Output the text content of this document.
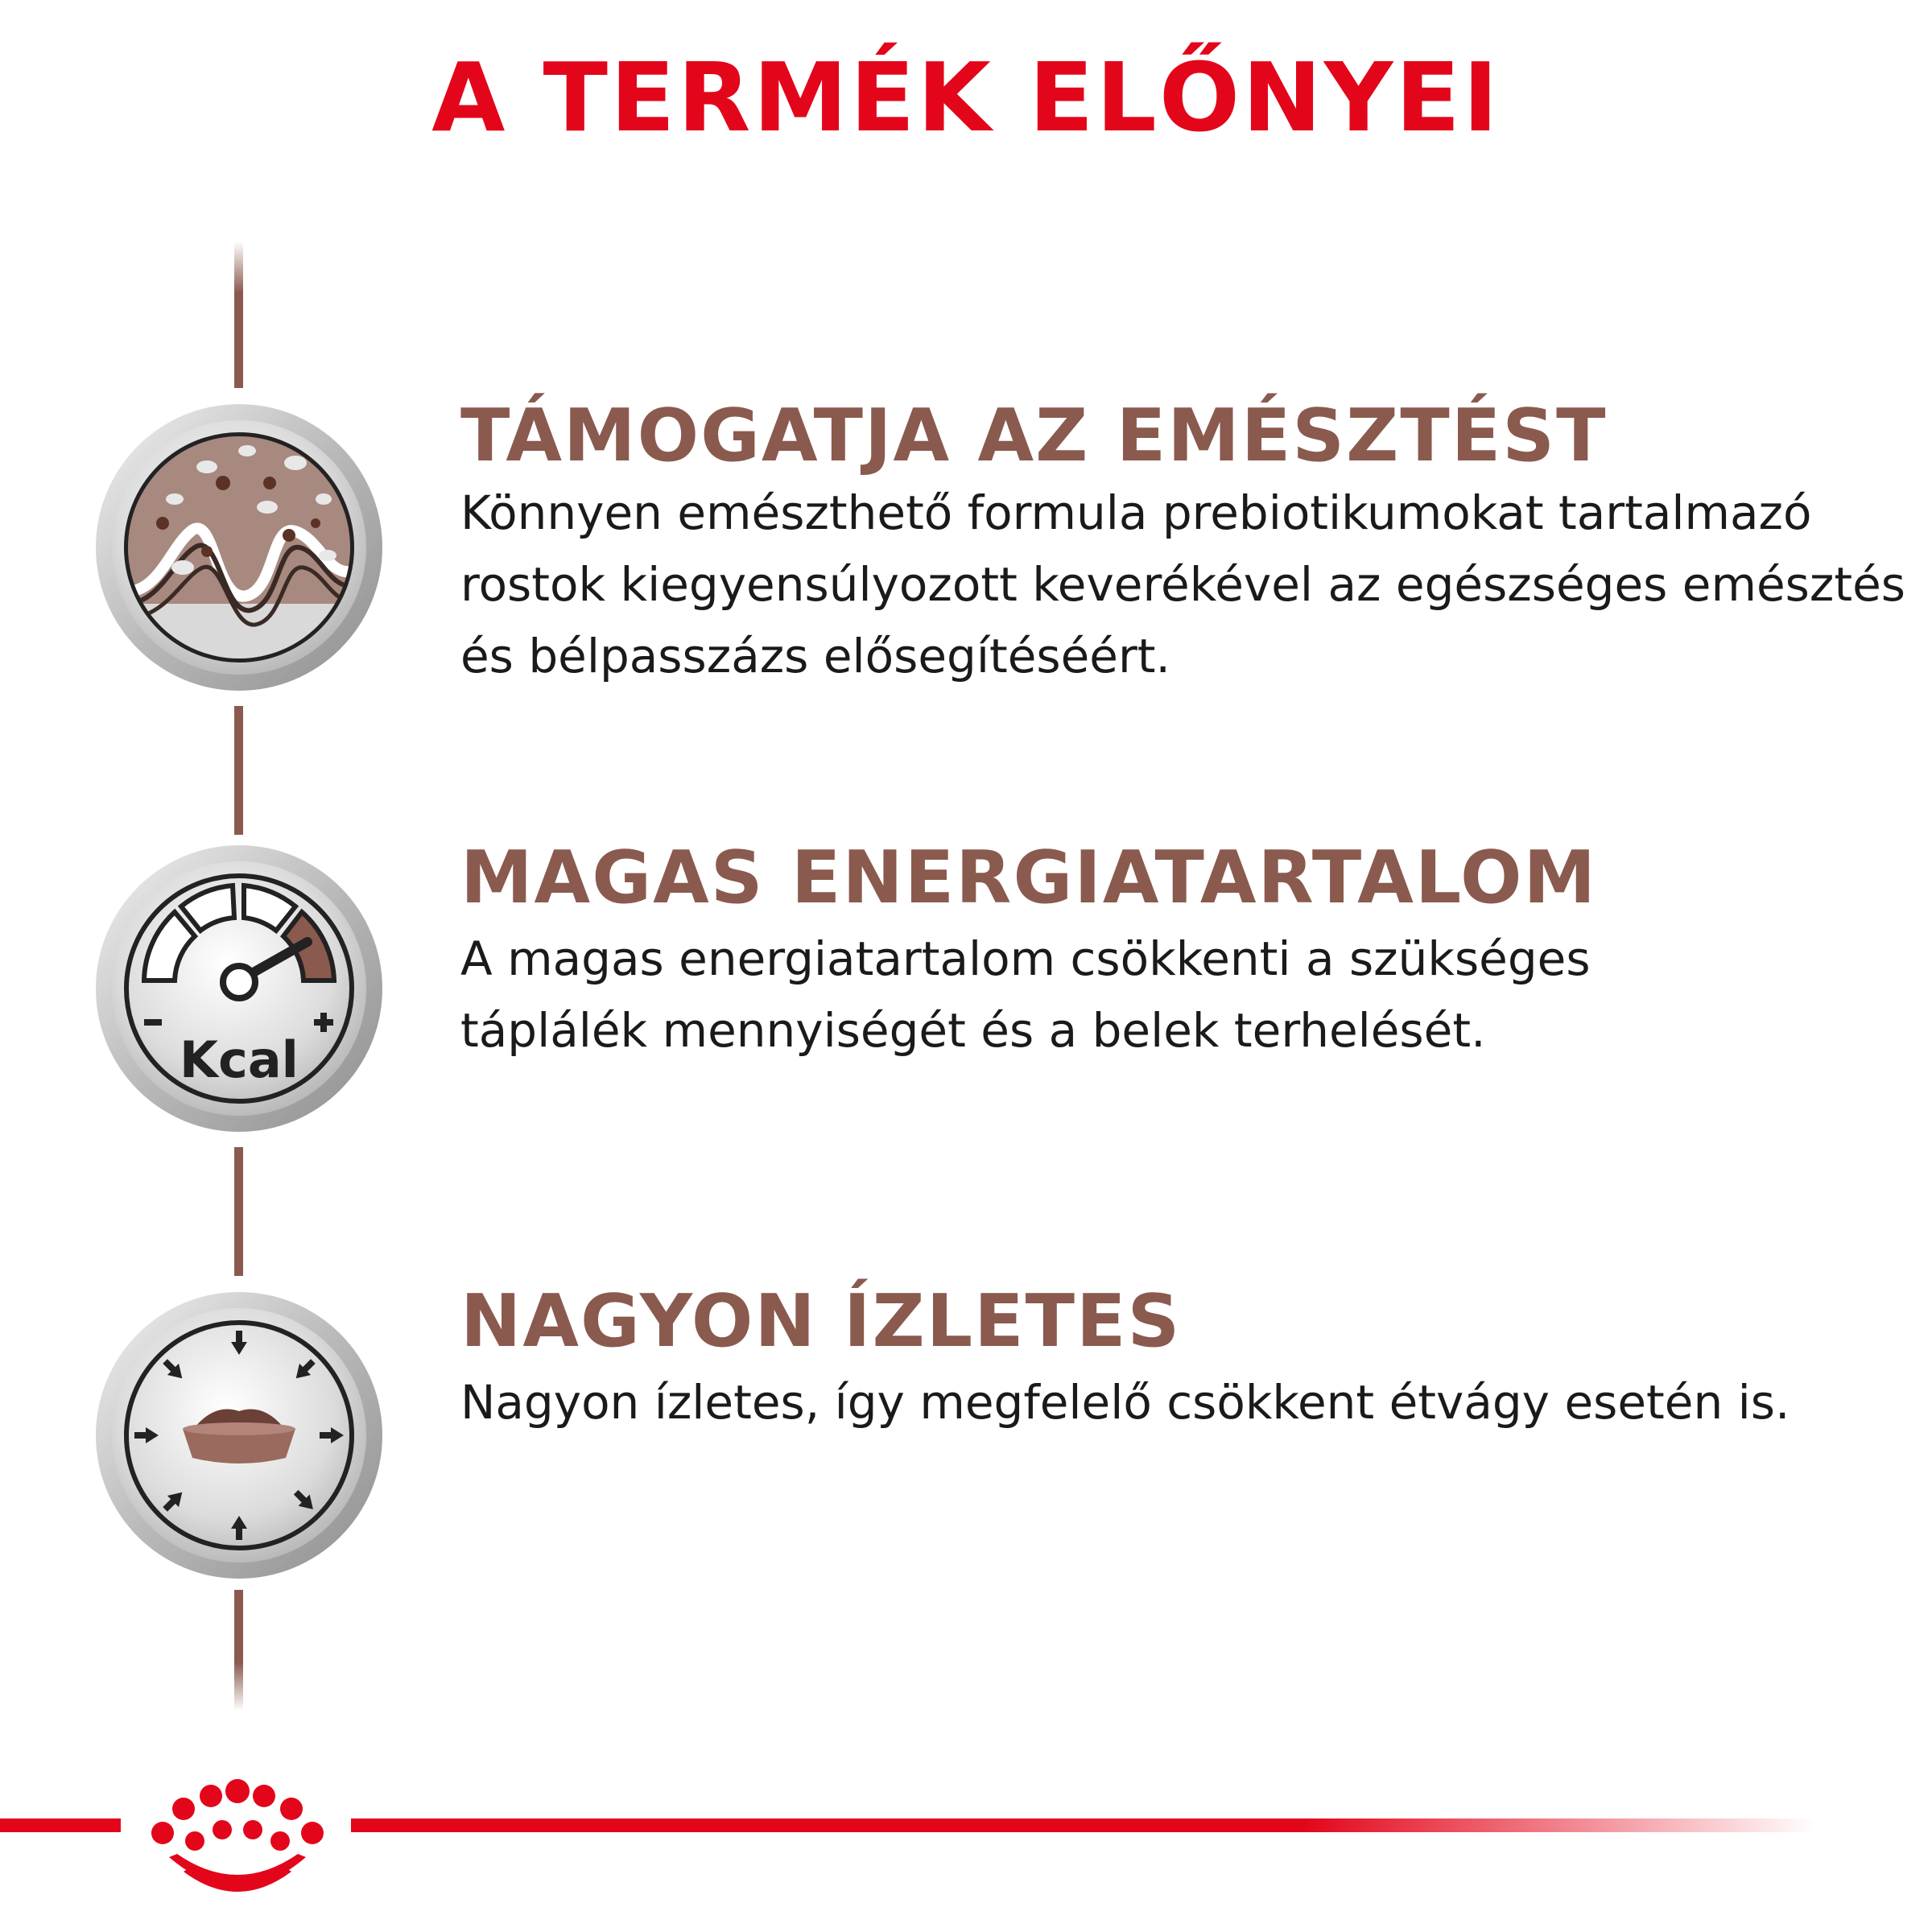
A TERMÉK ELŐNYEI
Kcal
TÁMOGATJA AZ EMÉSZTÉST
Könnyen emészthető formula prebiotikumokat tartalmazó
rostok kiegyensúlyozott keverékével az egészséges emésztés
és bélpasszázs elősegítéséért.
MAGAS ENERGIATARTALOM
A magas energiatartalom csökkenti a szükséges
táplálék mennyiségét és a belek terhelését.
NAGYON ÍZLETES
Nagyon ízletes, így megfelelő csökkent étvágy esetén is.
